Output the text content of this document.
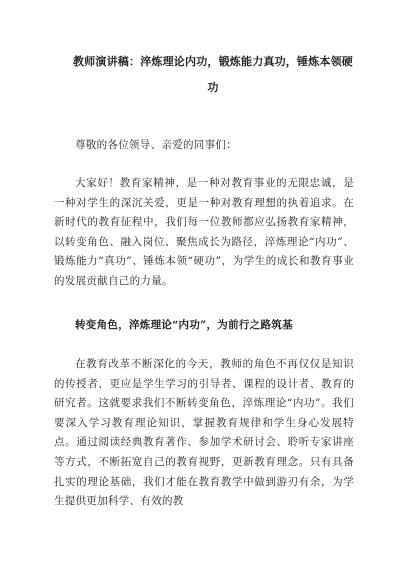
教师演讲稿：淬炼理论内功，锻炼能力真功，锤炼本领硬功

尊敬的各位领导、亲爱的同事们：

大家好！教育家精神，是一种对教育事业的无限忠诚，是一种对学生的深沉关爱，更是一种对教育理想的执着追求。在新时代的教育征程中，我们每一位教师都应弘扬教育家精神，以转变角色、融入岗位、聚焦成长为路径，淬炼理论“内功”、锻炼能力“真功”、锤炼本领“硬功”，为学生的成长和教育事业的发展贡献自己的力量。

转变角色，淬炼理论“内功”，为前行之路筑基

在教育改革不断深化的今天，教师的角色不再仅仅是知识的传授者，更应是学生学习的引导者、课程的设计者、教育的研究者。这就要求我们不断转变角色，淬炼理论“内功”。我们要深入学习教育理论知识，掌握教育规律和学生身心发展特点。通过阅读经典教育著作、参加学术研讨会、聆听专家讲座等方式，不断拓宽自己的教育视野，更新教育理念。只有具备扎实的理论基础，我们才能在教育教学中做到游刃有余，为学生提供更加科学、有效的教
